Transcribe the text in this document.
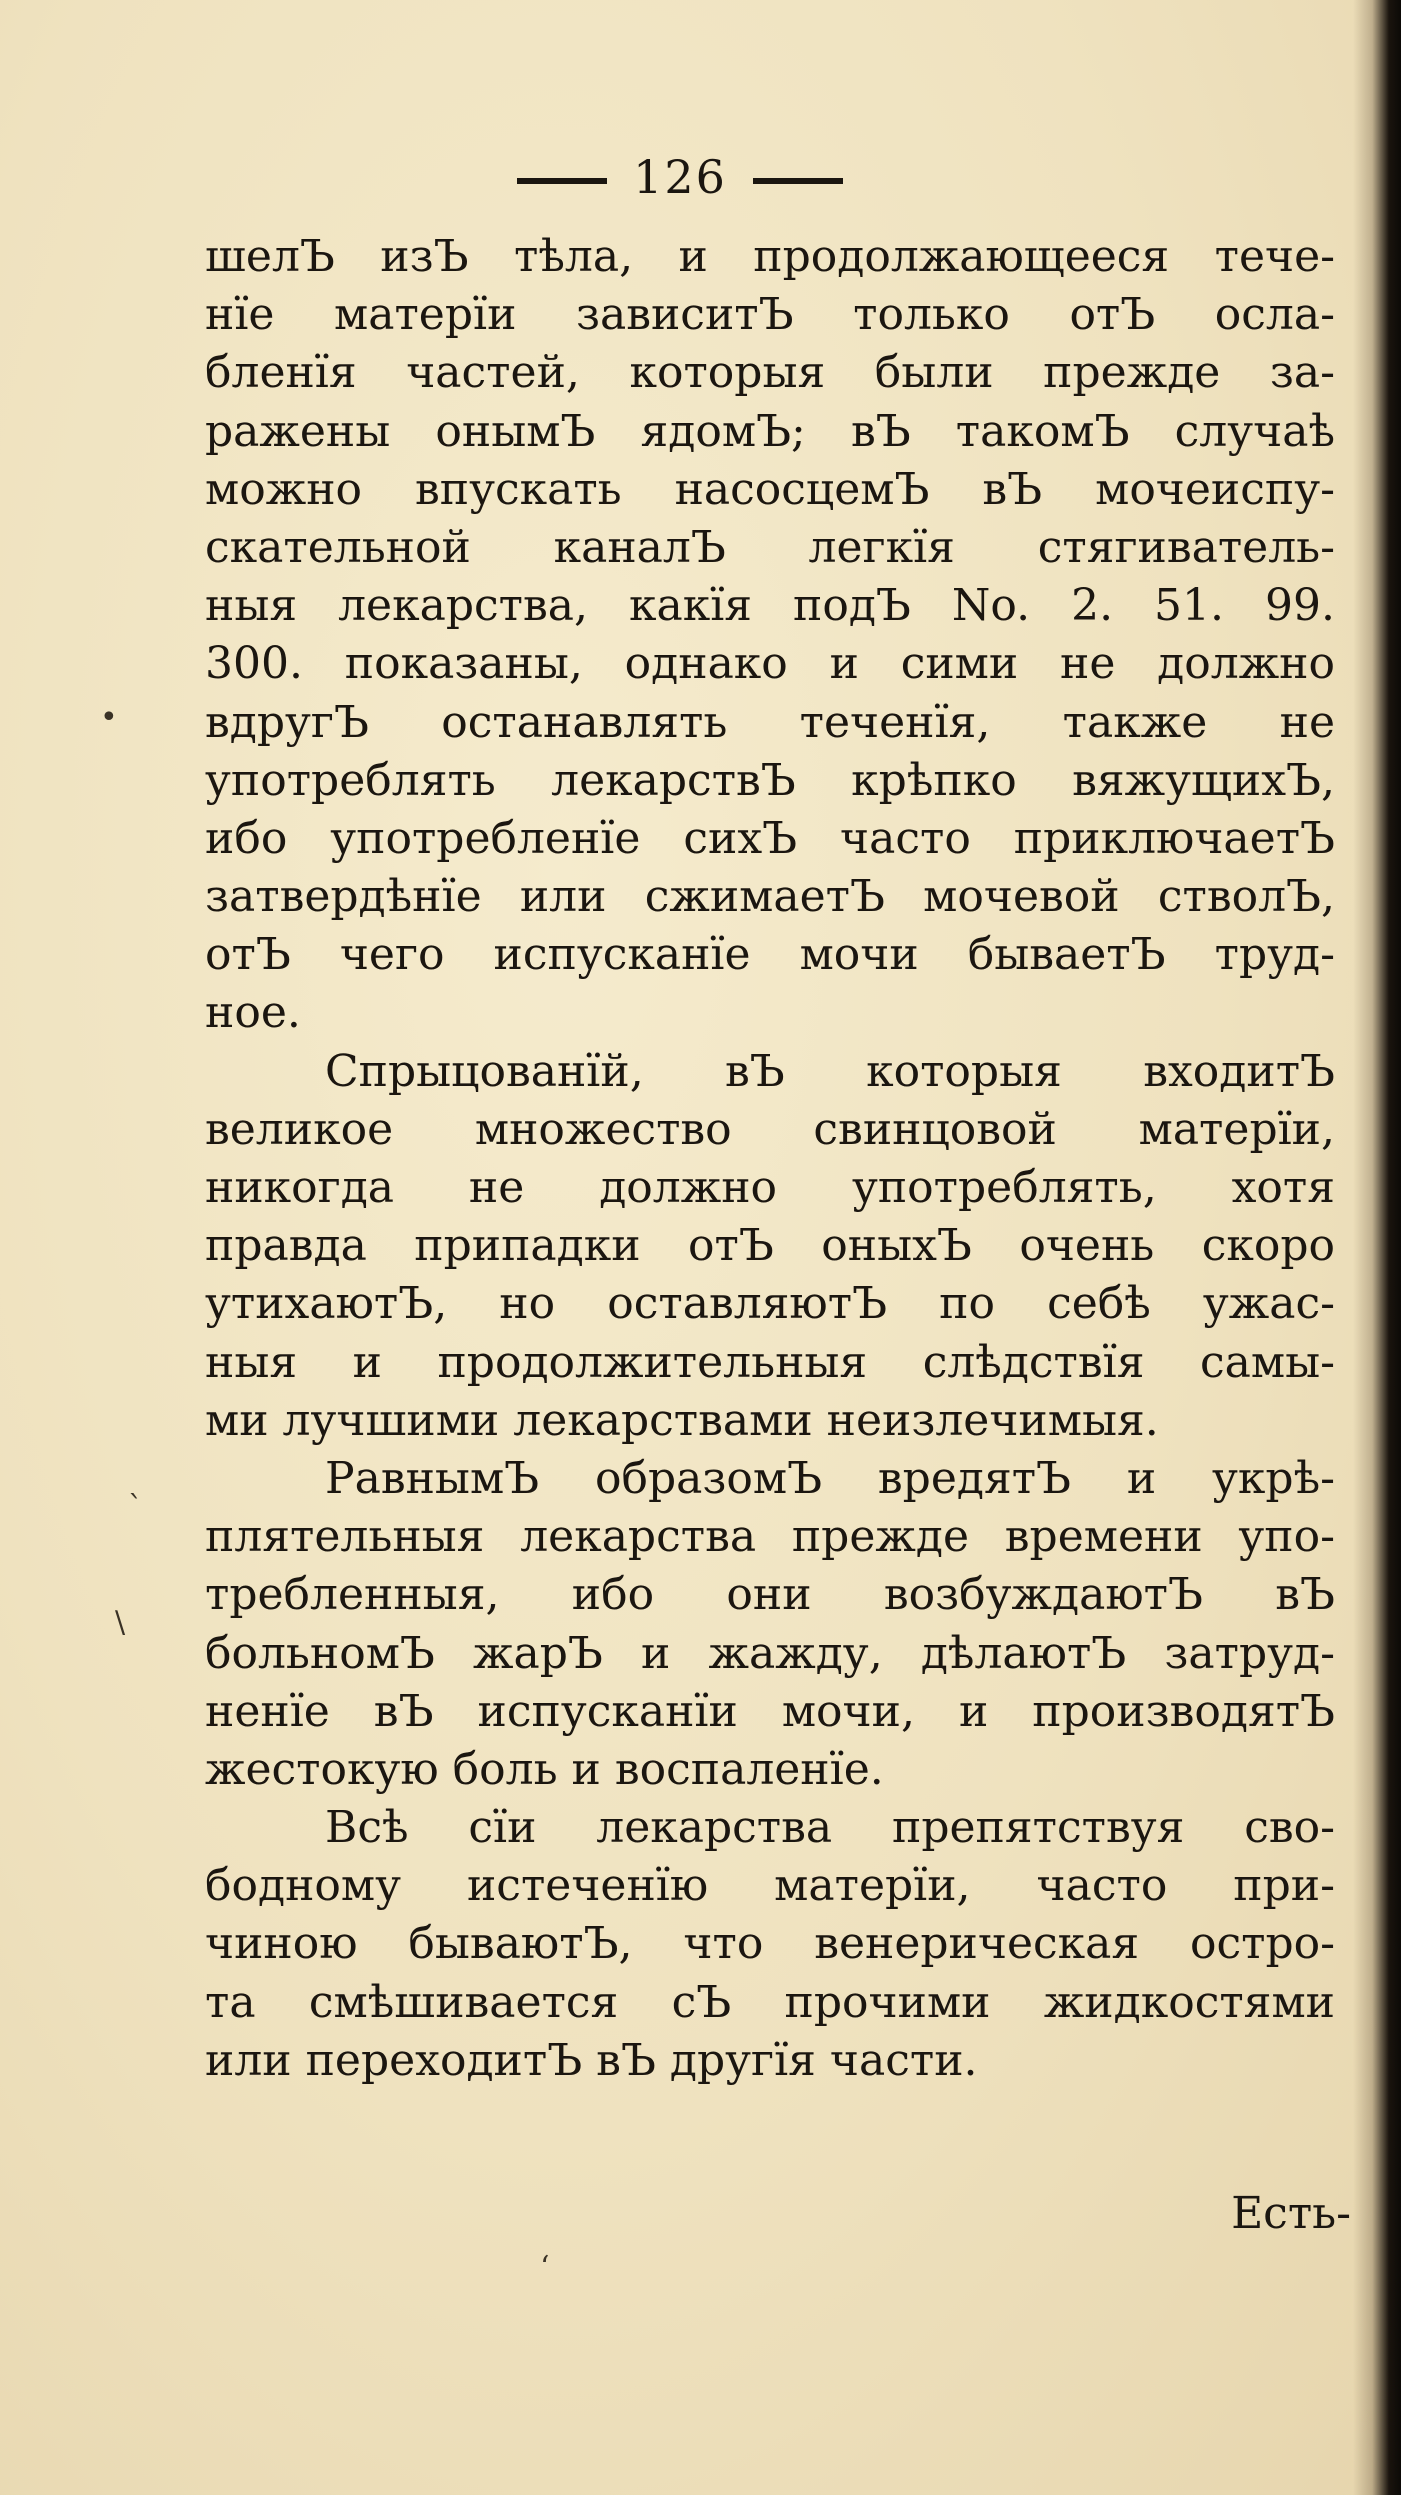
126
шелЪ изЪ тѣла, и продолжающееся тече-
нїе матерїи зависитЪ только отЪ осла-
бленїя частей, которыя были прежде за-
ражены онымЪ ядомЪ; вЪ такомЪ случаѣ
можно впускать насосцемЪ вЪ мочеиспу-
скательной каналЪ легкїя стягиватель-
ныя лекарства, какїя подЪ No. 2. 51. 99.
300. показаны, однако и сими не должно
вдругЪ останавлять теченїя, также не
употреблять лекарствЪ крѣпко вяжущихЪ,
ибо употребленїе сихЪ часто приключаетЪ
затвердѣнїе или сжимаетЪ мочевой стволЪ,
отЪ чего испусканїе мочи бываетЪ труд-
ное.
Спрыцованїй, вЪ которыя входитЪ
великое множество свинцовой матерїи,
никогда не должно употреблять, хотя
правда припадки отЪ оныхЪ очень скоро
утихаютЪ, но оставляютЪ по себѣ ужас-
ныя и продолжительныя слѣдствїя самы-
ми лучшими лекарствами неизлечимыя.
РавнымЪ образомЪ вредятЪ и укрѣ-
плятельныя лекарства прежде времени упо-
требленныя, ибо они возбуждаютЪ вЪ
больномЪ жарЪ и жажду, дѣлаютЪ затруд-
ненїе вЪ испусканїи мочи, и производятЪ
жестокую боль и воспаленїе.
Всѣ сїи лекарства препятствуя сво-
бодному истеченїю матерїи, часто при-
чиною бываютЪ, что венерическая остро-
та смѣшивается сЪ прочими жидкостями
или переходитЪ вЪ другїя части.
Есть-
ˋ
\
•
ʻ
